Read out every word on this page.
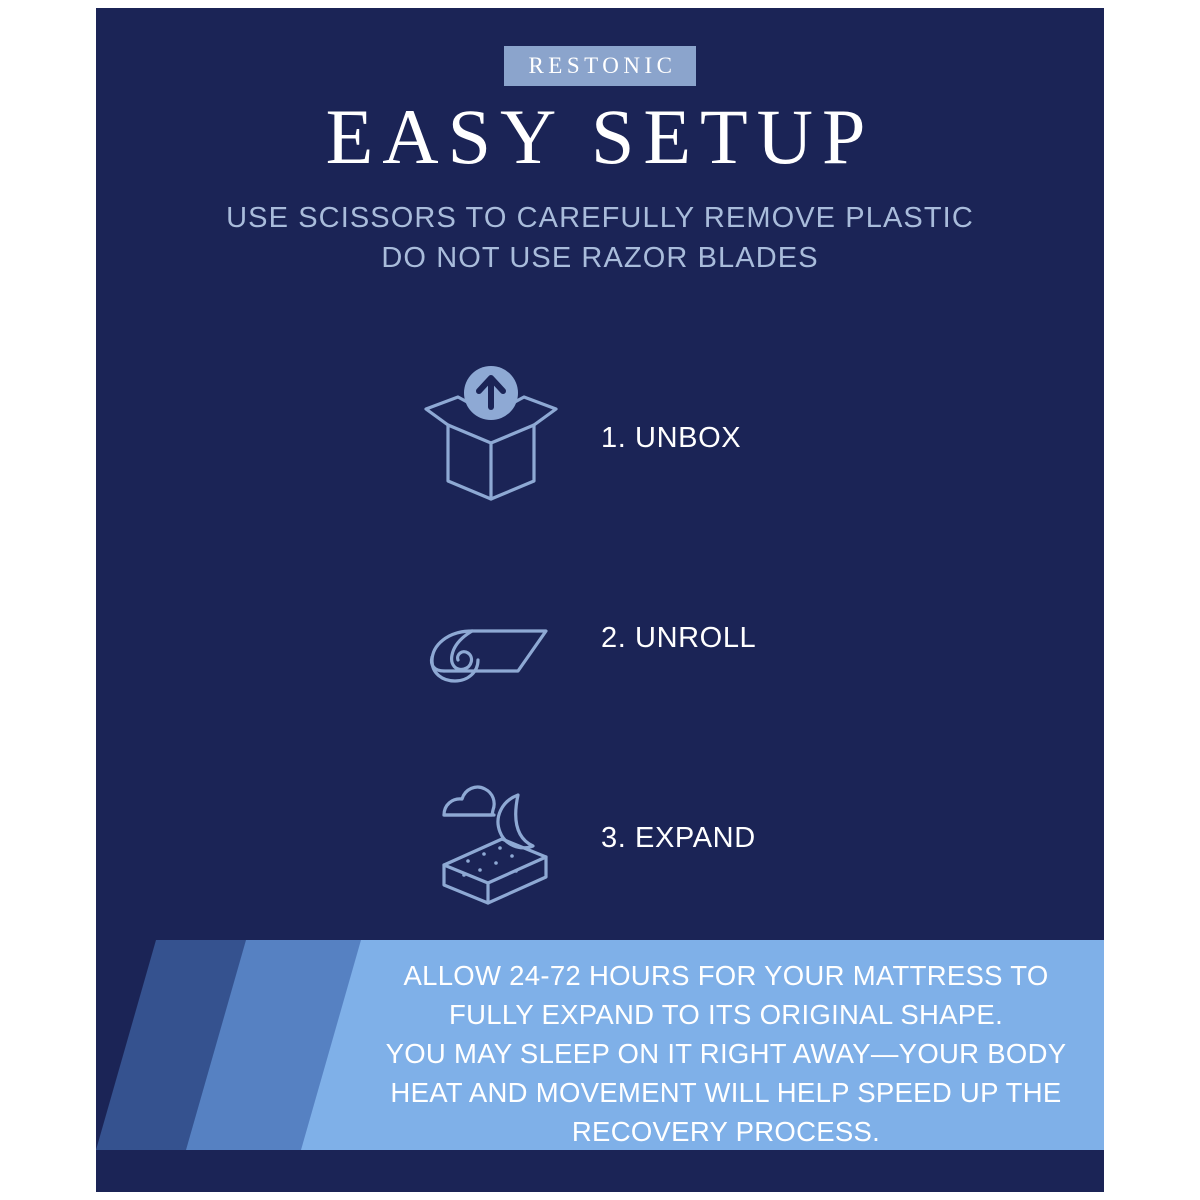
RESTONIC
EASY SETUP
USE SCISSORS TO CAREFULLY REMOVE PLASTIC
DO NOT USE RAZOR BLADES
1. UNBOX
2. UNROLL
3. EXPAND
ALLOW 24-72 HOURS FOR YOUR MATTRESS TO
FULLY EXPAND TO ITS ORIGINAL SHAPE.
YOU MAY SLEEP ON IT RIGHT AWAY—YOUR BODY
HEAT AND MOVEMENT WILL HELP SPEED UP THE
RECOVERY PROCESS.
